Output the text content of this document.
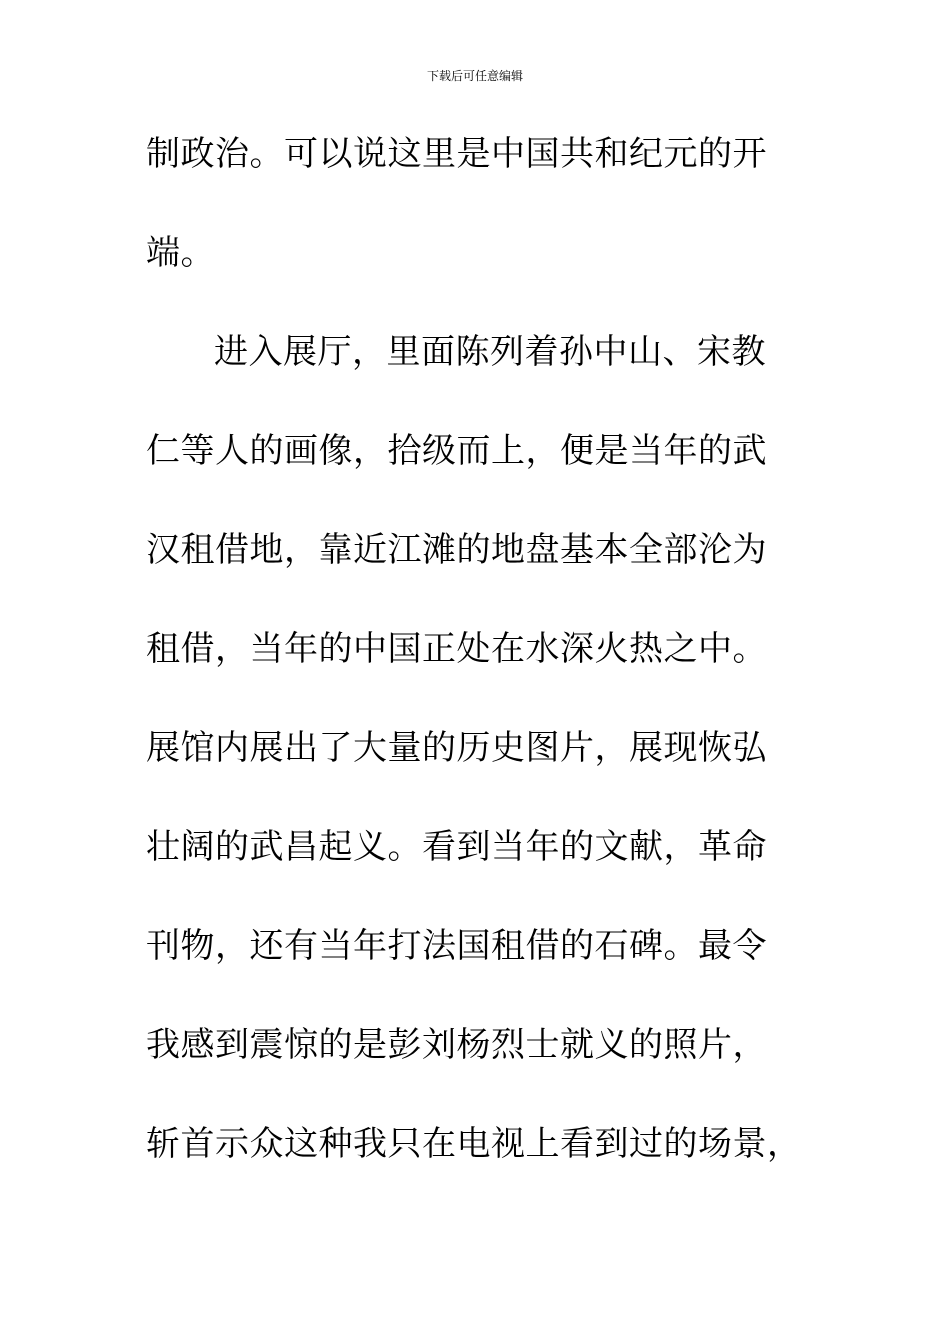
下载后可任意编辑
制政治。可以说这里是中国共和纪元的开
端。
进入展厅，里面陈列着孙中山、宋教
仁等人的画像，拾级而上，便是当年的武
汉租借地，靠近江滩的地盘基本全部沦为
租借，当年的中国正处在水深火热之中。
展馆内展出了大量的历史图片，展现恢弘
壮阔的武昌起义。看到当年的文献，革命
刊物，还有当年打法国租借的石碑。最令
我感到震惊的是彭刘杨烈士就义的照片，
斩首示众这种我只在电视上看到过的场景，
